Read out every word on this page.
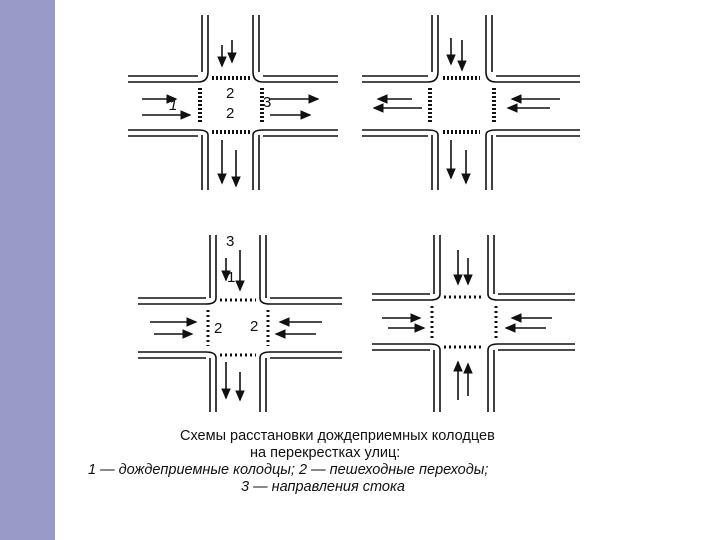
1
2
2
3
3
1
2 2
Схемы расстановки дождеприемных колодцев
на перекрестках улиц:
1 — дождеприемные колодцы; 2 — пешеходные переходы;
3 — направления стока
